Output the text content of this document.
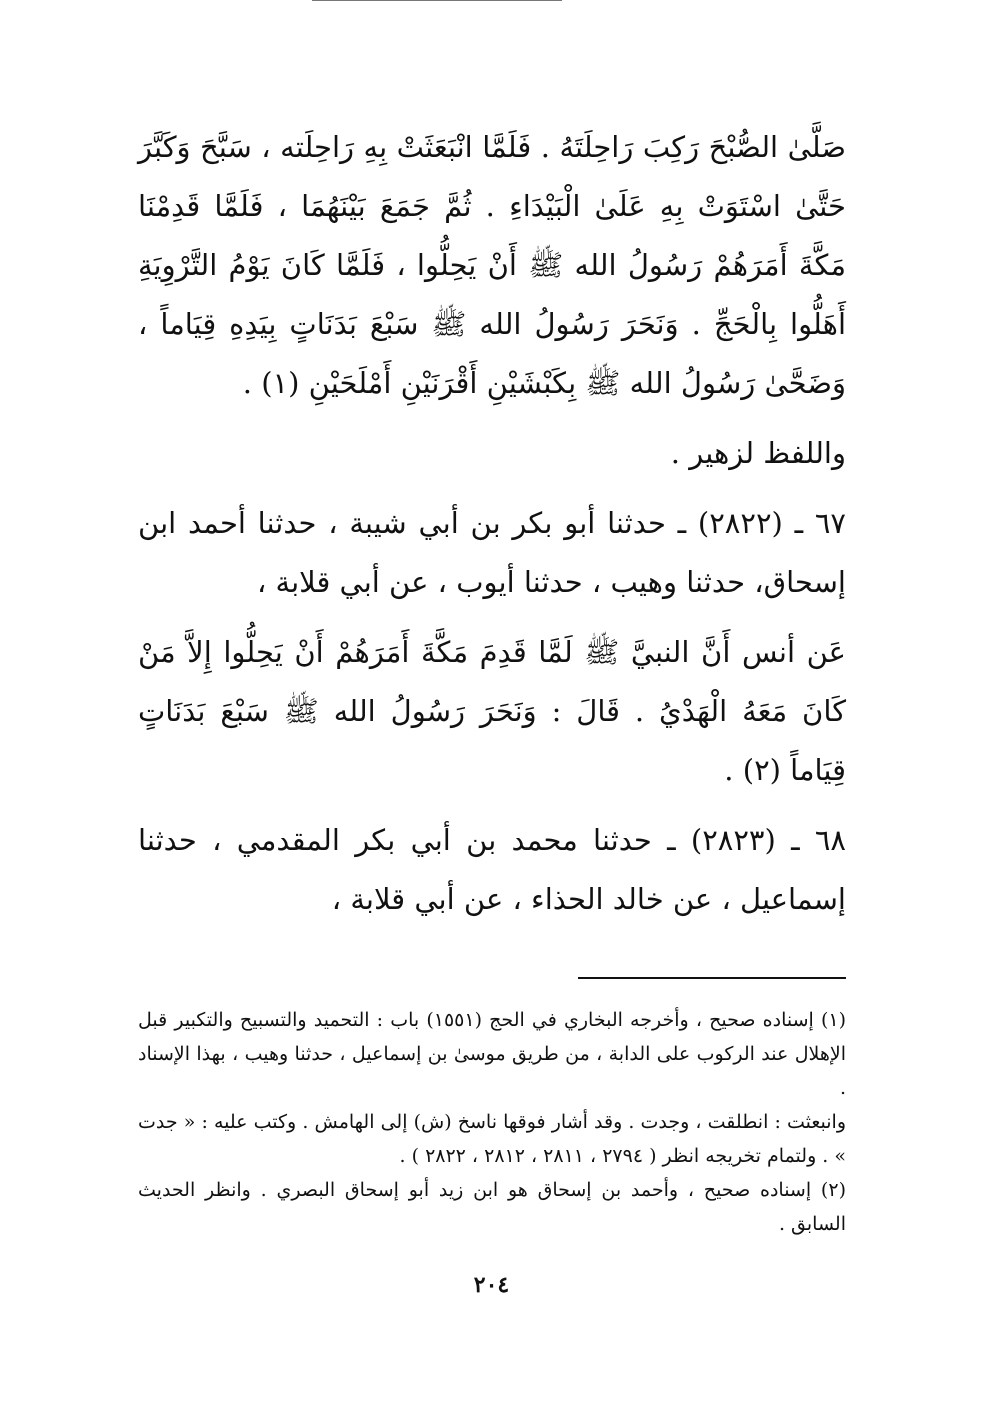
صَلَّىٰ الصُّبْحَ رَكِبَ رَاحِلَتَهُ . فَلَمَّا انْبَعَثَتْ بِهِ رَاحِلَته ، سَبَّحَ وَكَبَّرَ حَتَّىٰ اسْتَوَتْ بِهِ عَلَىٰ الْبَيْدَاءِ . ثُمَّ جَمَعَ بَيْنَهُمَا ، فَلَمَّا قَدِمْنَا مَكَّةَ أَمَرَهُمْ رَسُولُ الله ﷺ أَنْ يَحِلُّوا ، فَلَمَّا كَانَ يَوْمُ التَّرْوِيَةِ أَهَلُّوا بِالْحَجِّ . وَنَحَرَ رَسُولُ الله ﷺ سَبْعَ بَدَنَاتٍ بِيَدِهِ قِيَاماً ، وَضَحَّىٰ رَسُولُ الله ﷺ بِكَبْشَيْنِ أَقْرَنَيْنِ أَمْلَحَيْنِ (١) .

واللفظ لزهير .

٦٧ ـ (٢٨٢٢) ـ حدثنا أبو بكر بن أبي شيبة ، حدثنا أحمد ابن إسحاق، حدثنا وهيب ، حدثنا أيوب ، عن أبي قلابة ،

عَن أنس أَنَّ النبيَّ ﷺ لَمَّا قَدِمَ مَكَّةَ أَمَرَهُمْ أَنْ يَحِلُّوا إِلاَّ مَنْ كَانَ مَعَهُ الْهَدْيُ . قَالَ : وَنَحَرَ رَسُولُ الله ﷺ سَبْعَ بَدَنَاتٍ قِيَاماً (٢) .

٦٨ ـ (٢٨٢٣) ـ حدثنا محمد بن أبي بكر المقدمي ، حدثنا إسماعيل ، عن خالد الحذاء ، عن أبي قلابة ،

(١) إسناده صحيح ، وأخرجه البخاري في الحج (١٥٥١) باب : التحميد والتسبيح والتكبير قبل الإهلال عند الركوب على الدابة ، من طريق موسىٰ بن إسماعيل ، حدثنا وهيب ، بهذا الإسناد .

وانبعثت : انطلقت ، وجدت . وقد أشار فوقها ناسخ (ش) إلى الهامش . وكتب عليه : « جدت » . ولتمام تخريجه انظر ( ٢٧٩٤ ، ٢٨١١ ، ٢٨١٢ ، ٢٨٢٢ ) .

(٢) إسناده صحيح ، وأحمد بن إسحاق هو ابن زيد أبو إسحاق البصري . وانظر الحديث السابق .

٢٠٤
